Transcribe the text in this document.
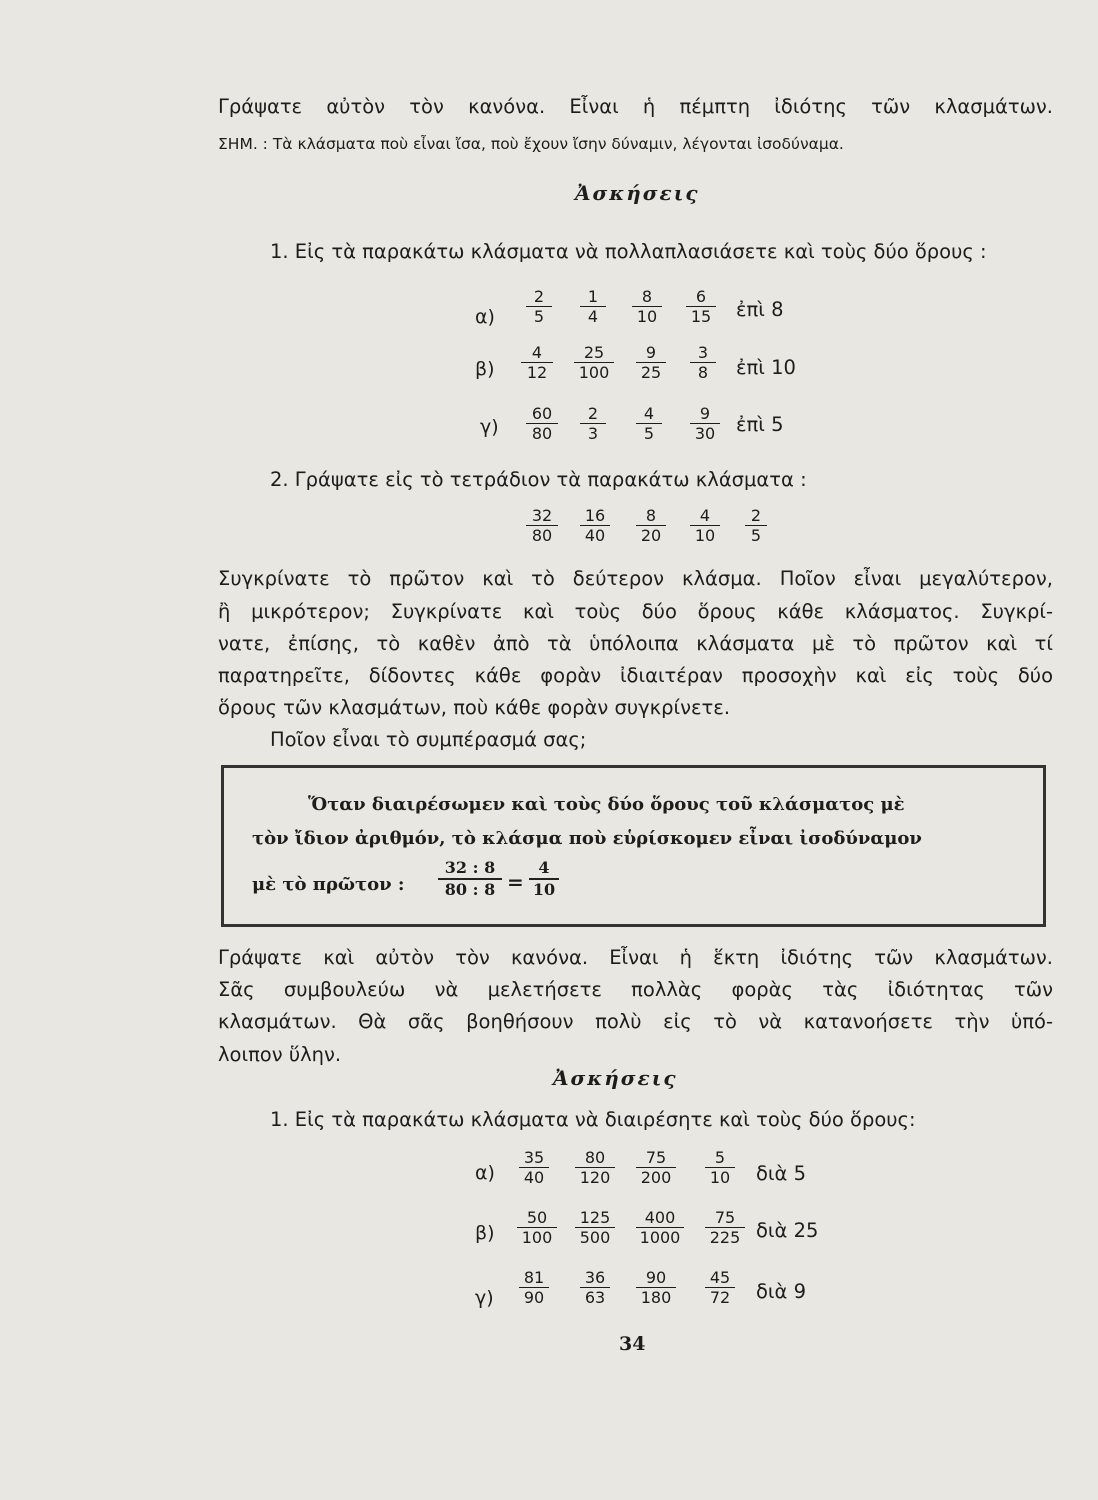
Γράψατε αὐτὸν τὸν κανόνα. Εἶναι ἡ πέμπτη ἰδιότης τῶν κλασμάτων.
ΣΗΜ. : Τὰ κλάσματα ποὺ εἶναι ἴσα, ποὺ ἔχουν ἴσην δύναμιν, λέγονται ἰσοδύναμα.
Ἀσκήσεις
1. Εἰς τὰ παρακάτω κλάσματα νὰ πολλαπλασιάσετε καὶ τοὺς δύο ὅρους :
α)
2
5
1
4
8
10
6
15 ἐπὶ 8
β)
4
12
25
100
9
25
3
8	ἐπὶ 10
γ)
60
80
2
3
4
5
9
30 ἐπὶ 5
2. Γράψατε εἰς τὸ τετράδιον τὰ παρακάτω κλάσματα :
32
80
16
40
8
20
4
10
2
5
Συγκρίνατε τὸ πρῶτον καὶ τὸ δεύτερον κλάσμα. Ποῖον εἶναι μεγαλύτερον,
ἢ μικρότερον; Συγκρίνατε καὶ τοὺς δύο ὅρους κάθε κλάσματος. Συγκρί-
νατε, ἐπίσης, τὸ καθὲν ἀπὸ τὰ ὑπόλοιπα κλάσματα μὲ τὸ πρῶτον καὶ τί
παρατηρεῖτε, δίδοντες κάθε φορὰν ἰδιαιτέραν προσοχὴν καὶ εἰς τοὺς δύο
ὅρους τῶν κλασμάτων, ποὺ κάθε φορὰν συγκρίνετε.
Ποῖον εἶναι τὸ συμπέρασμά σας;
Ὅταν διαιρέσωμεν καὶ τοὺς δύο ὅρους τοῦ κλάσματος μὲ
τὸν ἴδιον ἀριθμόν, τὸ κλάσμα ποὺ εὑρίσκομεν εἶναι ἰσοδύναμον
μὲ τὸ πρῶτον :
32 : 8
80 : 8 =
4
10
Γράψατε καὶ αὐτὸν τὸν κανόνα. Εἶναι ἡ ἕκτη ἰδιότης τῶν κλασμάτων.
Σᾶς συμβουλεύω νὰ μελετήσετε πολλὰς φορὰς τὰς ἰδιότητας τῶν
κλασμάτων. Θὰ σᾶς βοηθήσουν πολὺ εἰς τὸ νὰ κατανοήσετε τὴν ὑπό-
λοιπον ὕλην.
Ἀσκήσεις
1. Εἰς τὰ παρακάτω κλάσματα νὰ διαιρέσητε καὶ τοὺς δύο ὅρους:
α)
35
40
80
120
75
200
5
10 διὰ 5
β)
50
100
125
500
400
1000
75
225 διὰ 25
γ)
81
90
36
63
90
180
45
72 διὰ 9
34
